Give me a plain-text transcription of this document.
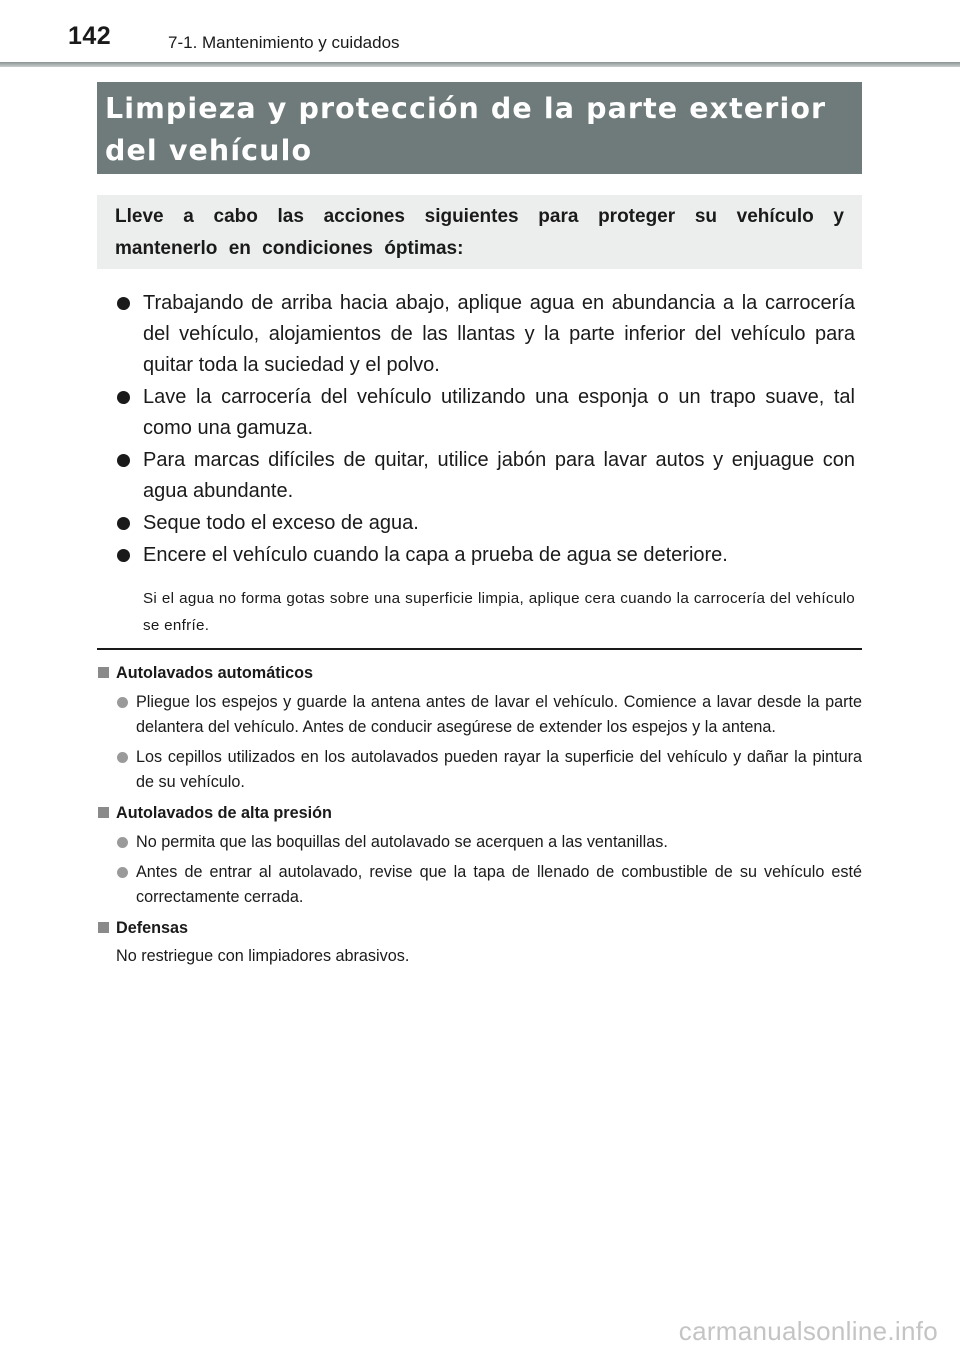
142	7-1. Mantenimiento y cuidados
Limpieza y protección de la parte exterior del vehículo
Lleve a cabo las acciones siguientes para proteger su vehículo y mantenerlo en condiciones óptimas:
Trabajando de arriba hacia abajo, aplique agua en abundancia a la carrocería del vehículo, alojamientos de las llantas y la parte inferior del vehículo para quitar toda la suciedad y el polvo.
Lave la carrocería del vehículo utilizando una esponja o un trapo suave, tal como una gamuza.
Para marcas difíciles de quitar, utilice jabón para lavar autos y enjuague con agua abundante.
Seque todo el exceso de agua.
Encere el vehículo cuando la capa a prueba de agua se deteriore.
Si el agua no forma gotas sobre una superficie limpia, aplique cera cuando la carrocería del vehículo se enfríe.
Autolavados automáticos
Pliegue los espejos y guarde la antena antes de lavar el vehículo. Comience a lavar desde la parte delantera del vehículo. Antes de conducir asegúrese de extender los espejos y la antena.
Los cepillos utilizados en los autolavados pueden rayar la superficie del vehículo y dañar la pintura de su vehículo.
Autolavados de alta presión
No permita que las boquillas del autolavado se acerquen a las ventanillas.
Antes de entrar al autolavado, revise que la tapa de llenado de combustible de su vehículo esté correctamente cerrada.
Defensas
No restriegue con limpiadores abrasivos.
carmanualsonline.info
